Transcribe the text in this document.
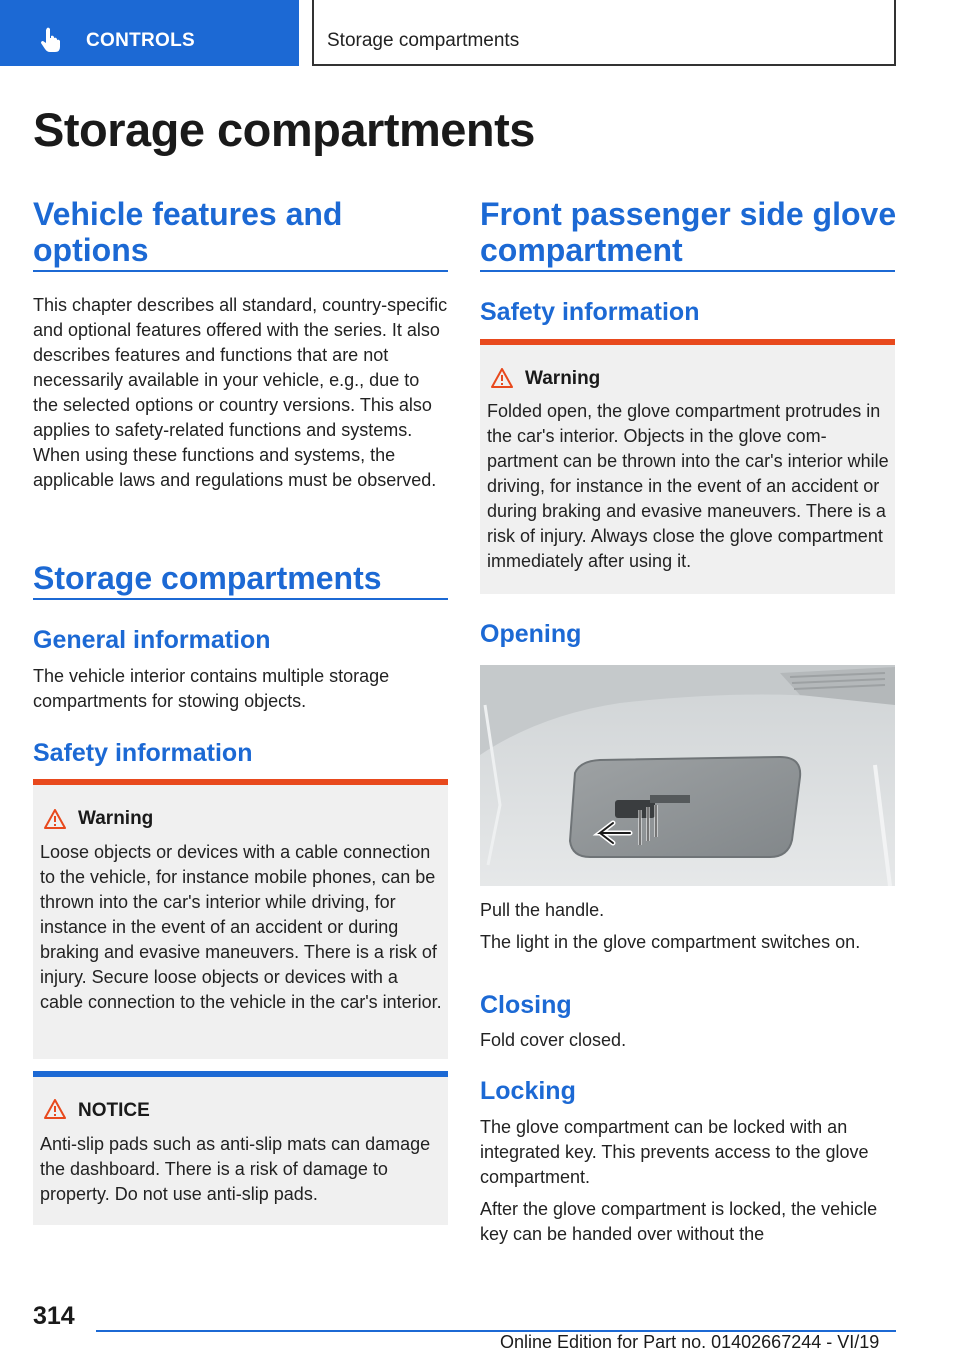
CONTROLS	Storage compartments
Storage compartments
Vehicle features and options
This chapter describes all standard, country-specific and optional features offered with the series. It also describes features and functions that are not necessarily available in your vehicle, e.g., due to the selected options or country versions. This also applies to safety-related functions and systems. When using these functions and systems, the applicable laws and regulations must be observed.
Storage compartments
General information
The vehicle interior contains multiple storage compartments for stowing objects.
Safety information
Warning
Loose objects or devices with a cable connection to the vehicle, for instance mobile phones, can be thrown into the car's interior while driving, for instance in the event of an accident or during braking and evasive maneuvers. There is a risk of injury. Secure loose objects or devices with a cable connection to the vehicle in the car's interior.
NOTICE
Anti-slip pads such as anti-slip mats can damage the dashboard. There is a risk of damage to property. Do not use anti-slip pads.
Front passenger side glove compartment
Safety information
Warning
Folded open, the glove compartment protrudes in the car's interior. Objects in the glove compartment can be thrown into the car's interior while driving, for instance in the event of an accident or during braking and evasive maneuvers. There is a risk of injury. Always close the glove compartment immediately after using it.
Opening
Pull the handle.
The light in the glove compartment switches on.
Closing
Fold cover closed.
Locking
The glove compartment can be locked with an integrated key. This prevents access to the glove compartment.
After the glove compartment is locked, the vehicle key can be handed over without the
314
Online Edition for Part no. 01402667244 - VI/19
